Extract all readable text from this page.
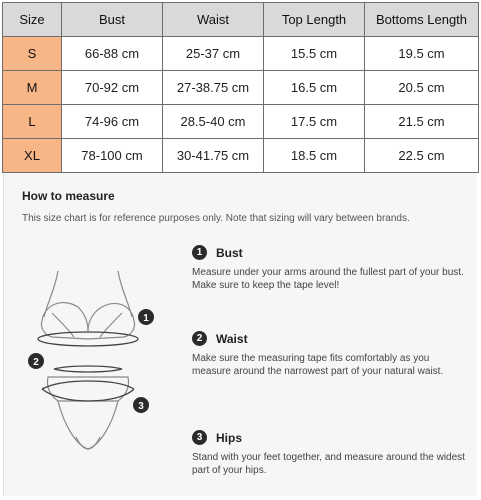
Size	Bust	Waist	Top Length	Bottoms Length
S	66-88 cm	25-37 cm	15.5 cm	19.5 cm
M	70-92 cm	27-38.75 cm	16.5 cm	20.5 cm
L	74-96 cm	28.5-40 cm	17.5 cm	21.5 cm
XL	78-100 cm	30-41.75 cm	18.5 cm	22.5 cm
How to measure
This size chart is for reference purposes only. Note that sizing will vary between brands.
1
2
3
1	Bust
Measure under your arms around the fullest part of your bust. Make sure to keep the tape level!
2	Waist
Make sure the measuring tape fits comfortably as you measure around the narrowest part of your natural waist.
3	Hips
Stand with your feet together, and measure around the widest part of your hips.
